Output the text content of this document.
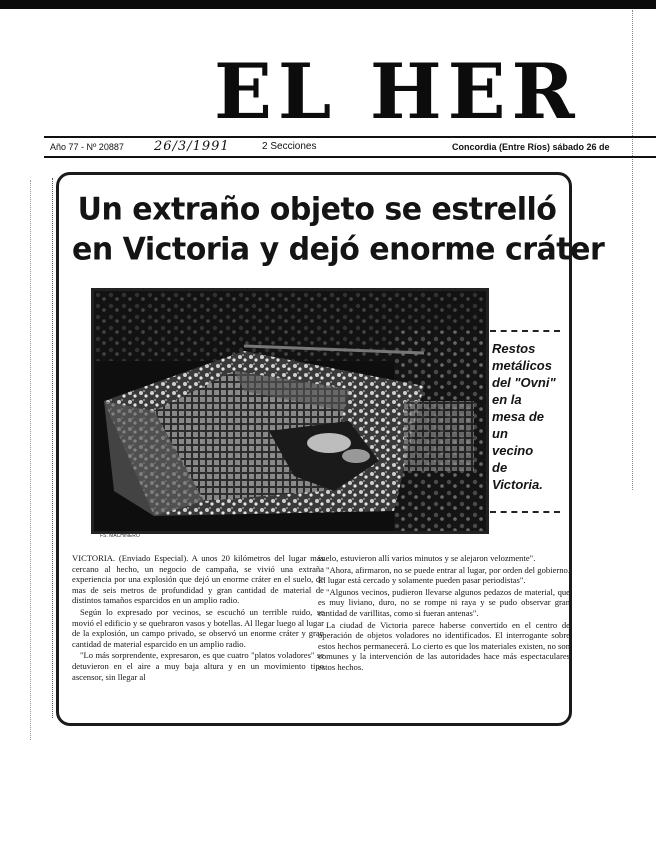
EL HER
Año 77 - Nº 20887 26/3/1991	2 Secciones	Concordia (Entre Ríos) sábado 26 de
Un extraño objeto se estrelló
en Victoria y dejó enorme cráter
FS. MACHINERO
Restos
metálicos
del "Ovni"
en la
mesa de
un
vecino
de
Victoria.

VICTORIA. (Enviado Especial). A unos 20 kilómetros del lugar más cercano al hecho, un negocio de campaña, se vivió una extraña experiencia por una explosión que dejó un enorme cráter en el suelo, de mas de seis metros de profundidad y gran cantidad de material de distintos tamaños esparcidos en un amplio radio.

Según lo expresado por vecinos, se escuchó un terrible ruido, se movió el edificio y se quebraron vasos y botellas. Al llegar luego al lugar de la explosión, un campo privado, se observó un enorme cráter y gran cantidad de material esparcido en un amplio radio.

"Lo más sorprendente, expresaron, es que cuatro "platos voladores" se detuvieron en el aire a muy baja altura y en un movimiento tipo ascensor, sin llegar al

suelo, estuvieron allí varios minutos y se alejaron velozmente".

"Ahora, afirmaron, no se puede entrar al lugar, por orden del gobierno. El lugar está cercado y solamente pueden pasar periodistas".

"Algunos vecinos, pudieron llevarse algunos pedazos de material, que es muy liviano, duro, no se rompe ni raya y se pudo observar gran cantidad de varillitas, como si fueran antenas".

La ciudad de Victoria parece haberse convertido en el centro de operación de objetos voladores no identificados. El interrogante sobre estos hechos permanecerá. Lo cierto es que los materiales existen, no son comunes y la intervención de las autoridades hace más espectaculares estos hechos.
